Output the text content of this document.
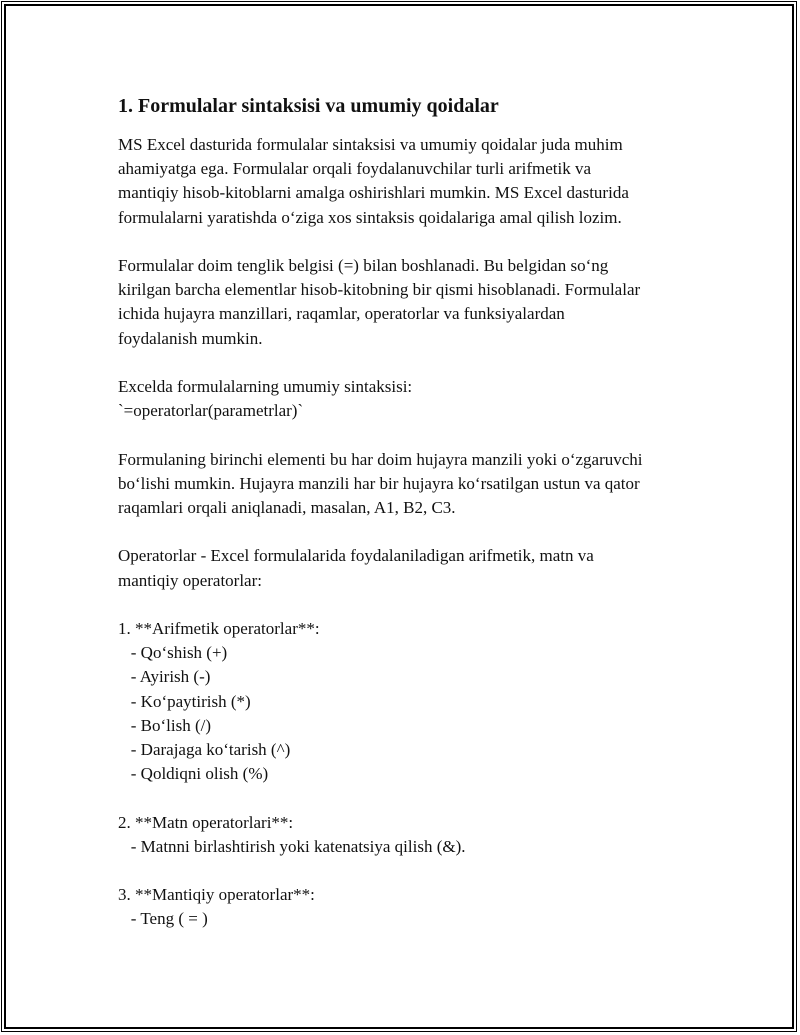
1. Formulalar sintaksisi va umumiy qoidalar
MS Excel dasturida formulalar sintaksisi va umumiy qoidalar juda muhim
ahamiyatga ega. Formulalar orqali foydalanuvchilar turli arifmetik va
mantiqiy hisob-kitoblarni amalga oshirishlari mumkin. MS Excel dasturida
formulalarni yaratishda o‘ziga xos sintaksis qoidalariga amal qilish lozim.
Formulalar doim tenglik belgisi (=) bilan boshlanadi. Bu belgidan so‘ng
kirilgan barcha elementlar hisob-kitobning bir qismi hisoblanadi. Formulalar
ichida hujayra manzillari, raqamlar, operatorlar va funksiyalardan
foydalanish mumkin.
Excelda formulalarning umumiy sintaksisi:
`=operatorlar(parametrlar)`
Formulaning birinchi elementi bu har doim hujayra manzili yoki o‘zgaruvchi
bo‘lishi mumkin. Hujayra manzili har bir hujayra ko‘rsatilgan ustun va qator
raqamlari orqali aniqlanadi, masalan, A1, B2, C3.
Operatorlar - Excel formulalarida foydalaniladigan arifmetik, matn va
mantiqiy operatorlar:
1. **Arifmetik operatorlar**:
- Qo‘shish (+)
- Ayirish (-)
- Ko‘paytirish (*)
- Bo‘lish (/)
- Darajaga ko‘tarish (^)
- Qoldiqni olish (%)
2. **Matn operatorlari**:
- Matnni birlashtirish yoki katenatsiya qilish (&).
3. **Mantiqiy operatorlar**:
- Teng ( = )
